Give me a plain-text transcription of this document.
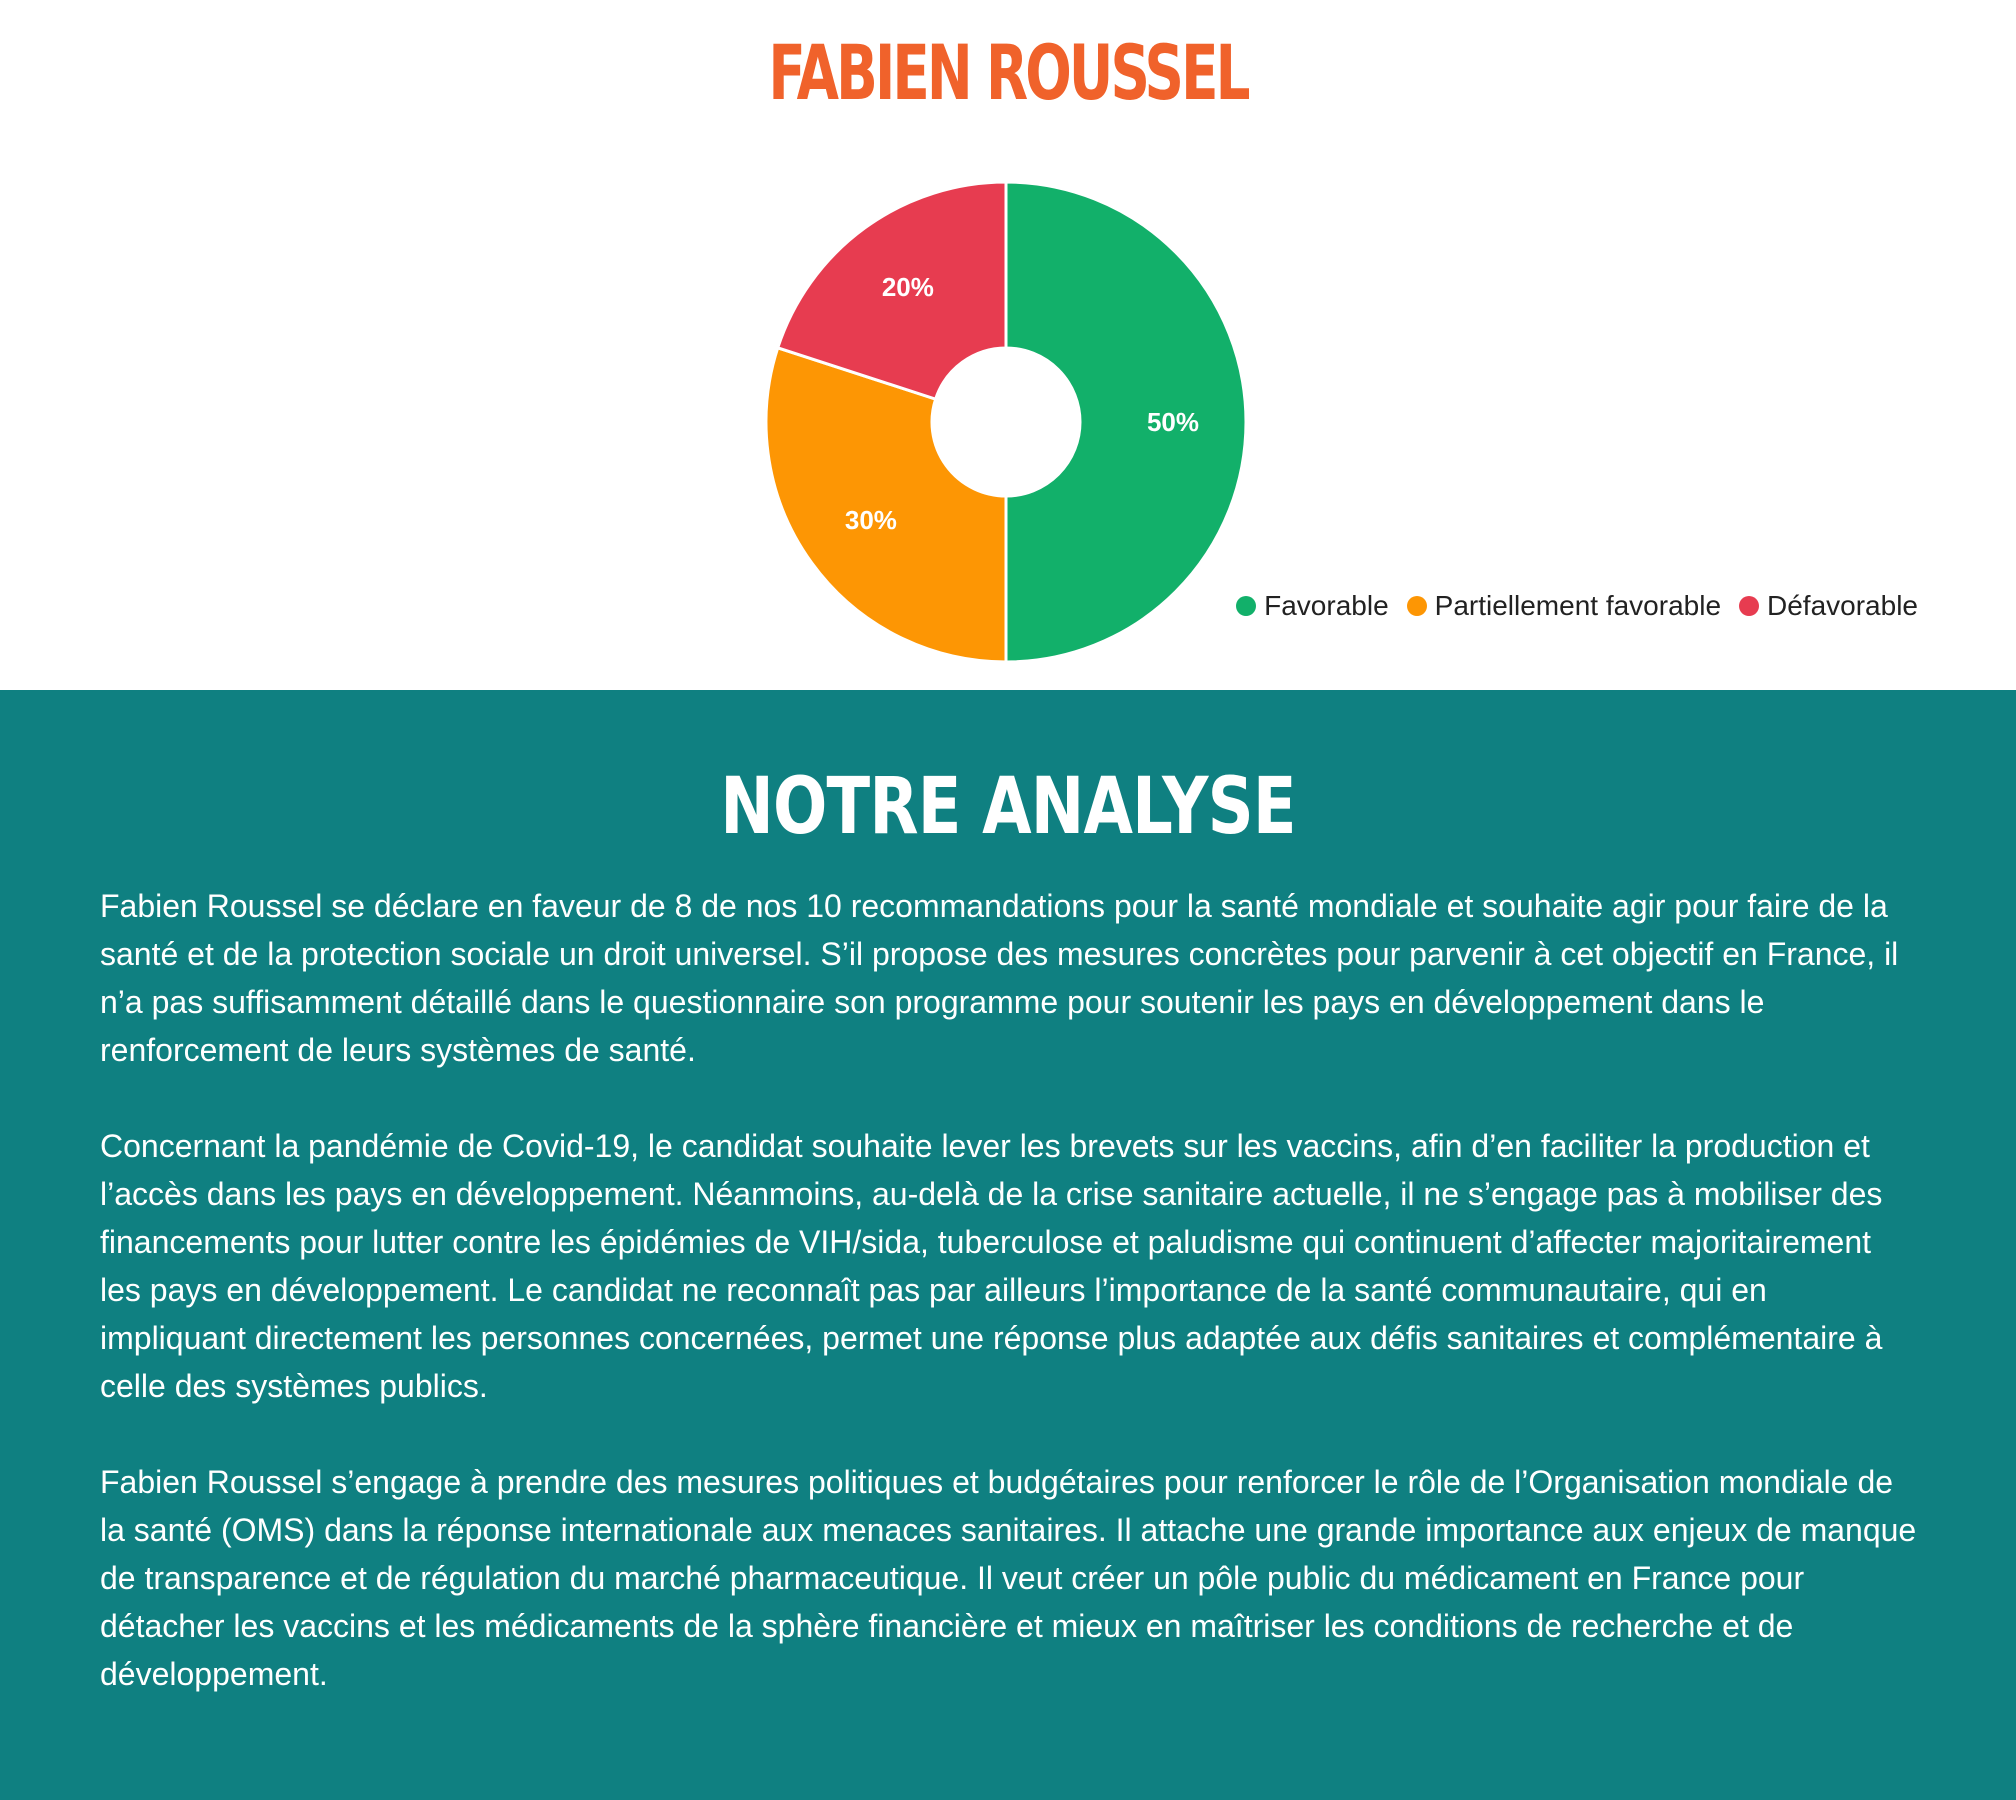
FABIEN ROUSSEL
50%
30%
20%
Favorable Partiellement favorable Défavorable
NOTRE ANALYSE

Fabien Roussel se déclare en faveur de 8 de nos 10 recommandations pour la santé mondiale et souhaite agir pour faire de la santé et de la protection sociale un droit universel. S’il propose des mesures concrètes pour parvenir à cet objectif en France, il n’a pas suffisamment détaillé dans le questionnaire son programme pour soutenir les pays en développement dans le renforcement de leurs systèmes de santé.

Concernant la pandémie de Covid-19, le candidat souhaite lever les brevets sur les vaccins, afin d’en faciliter la production et l’accès dans les pays en développement. Néanmoins, au-delà de la crise sanitaire actuelle, il ne s’engage pas à mobiliser des financements pour lutter contre les épidémies de VIH/sida, tuberculose et paludisme qui continuent d’affecter majoritairement les pays en développement. Le candidat ne reconnaît pas par ailleurs l’importance de la santé communautaire, qui en impliquant directement les personnes concernées, permet une réponse plus adaptée aux défis sanitaires et complémentaire à celle des systèmes publics.

Fabien Roussel s’engage à prendre des mesures politiques et budgétaires pour renforcer le rôle de l’Organisation mondiale de la santé (OMS) dans la réponse internationale aux menaces sanitaires. Il attache une grande importance aux enjeux de manque de transparence et de régulation du marché pharmaceutique. Il veut créer un pôle public du médicament en France pour détacher les vaccins et les médicaments de la sphère financière et mieux en maîtriser les conditions de recherche et de développement.
